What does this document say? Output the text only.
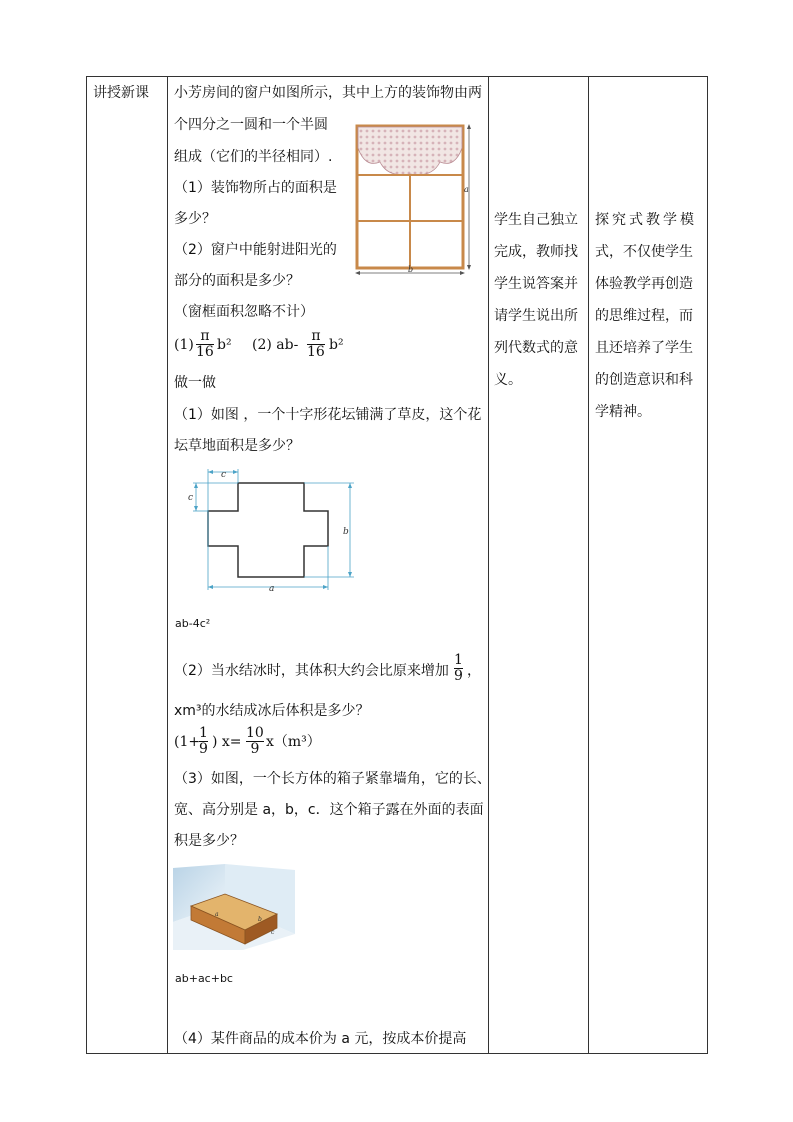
讲授新课 小芳房间的窗户如图所示，其中上方的装饰物由两
个四分之一圆和一个半圆
组成（它们的半径相同）.
（1）装饰物所占的面积是
多少？
（2）窗户中能射进阳光的
部分的面积是多少？
（窗框面积忽略不计）
a
b
(1)
π
16 b² (2) ab-
π
16 b²
做一做
（1）如图 ，一个十字形花坛铺满了草皮，这个花
坛草地面积是多少？
a
b
c
c
ab-4c²
（2）当水结冰时，其体积大约会比原来增加
1
9 ，
xm³的水结成冰后体积是多少？
(1+
1
9 ) x=
10
9 x（m³）
（3）如图，一个长方体的箱子紧靠墙角，它的长、
宽、高分别是 a，b，c．这个箱子露在外面的表面
积是多少？
a
b
c
ab+ac+bc
（4）某件商品的成本价为 a 元，按成本价提高
学生自己独立
完成，教师找
学生说答案并
请学生说出所
列代数式的意
义。
探究式教学模
式，不仅使学生
体验教学再创造
的思维过程，而
且还培养了学生
的创造意识和科
学精神。
